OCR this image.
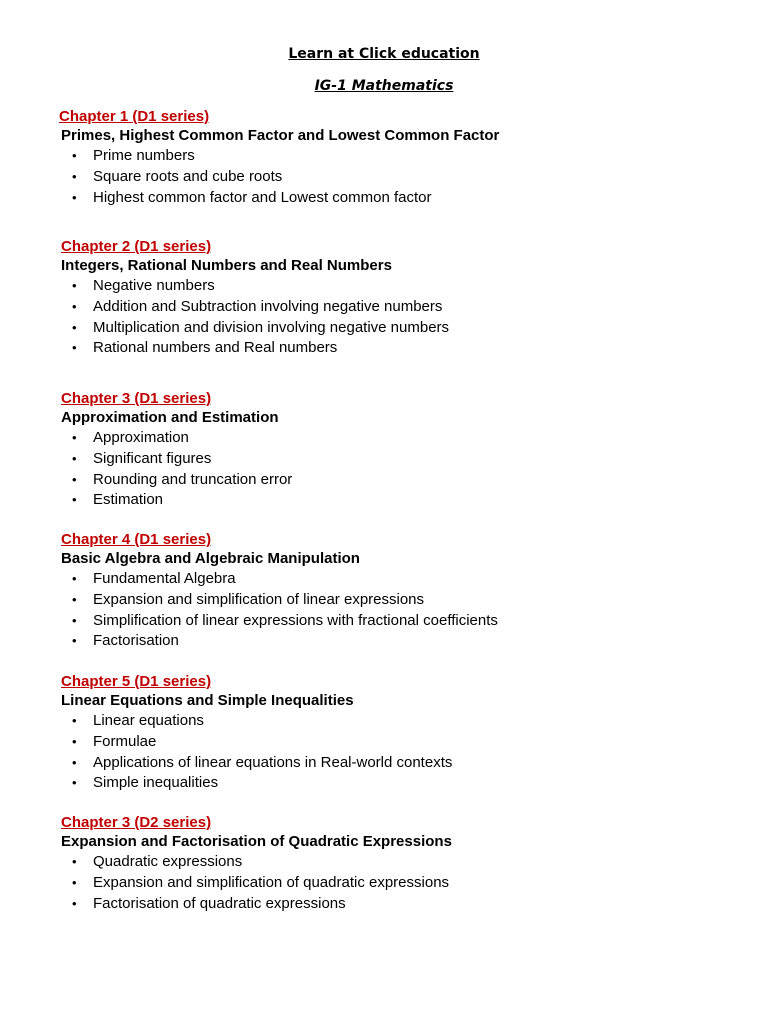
Learn at Click education
IG-1 Mathematics
Chapter 1 (D1 series)
Primes, Highest Common Factor and Lowest Common Factor
• Prime numbers
• Square roots and cube roots
• Highest common factor and Lowest common factor
Chapter 2 (D1 series)
Integers, Rational Numbers and Real Numbers
• Negative numbers
• Addition and Subtraction involving negative numbers
• Multiplication and division involving negative numbers
• Rational numbers and Real numbers
Chapter 3 (D1 series)
Approximation and Estimation
• Approximation
• Significant figures
• Rounding and truncation error
• Estimation
Chapter 4 (D1 series)
Basic Algebra and Algebraic Manipulation
• Fundamental Algebra
• Expansion and simplification of linear expressions
• Simplification of linear expressions with fractional coefficients
• Factorisation
Chapter 5 (D1 series)
Linear Equations and Simple Inequalities
• Linear equations
• Formulae
• Applications of linear equations in Real-world contexts
• Simple inequalities
Chapter 3 (D2 series)
Expansion and Factorisation of Quadratic Expressions
• Quadratic expressions
• Expansion and simplification of quadratic expressions
• Factorisation of quadratic expressions
